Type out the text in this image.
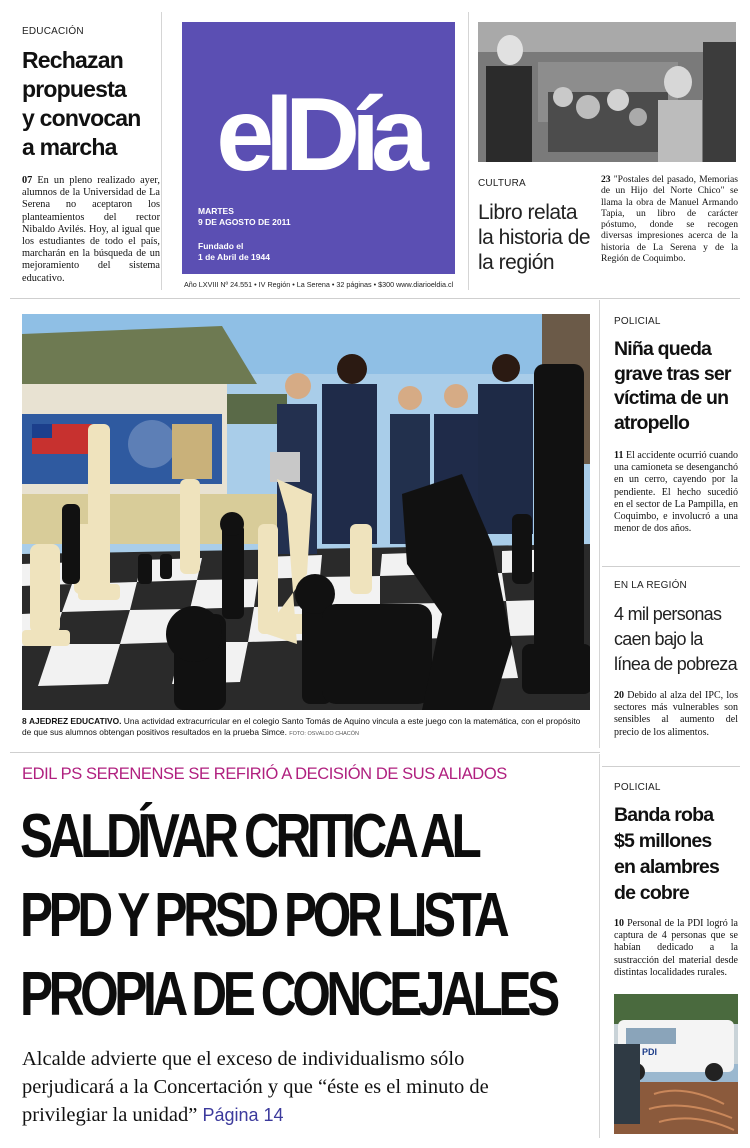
EDUCACIÓN
Rechazan
propuesta
y convocan
a marcha
07 En un pleno realizado ayer, alumnos de la Universidad de La Serena no aceptaron los planteamientos del rector Nibaldo Avilés. Hoy, al igual que los estudiantes de todo el país, marcharán en la búsqueda de un mejoramiento del sistema educativo.
elDía
MARTES
9 DE AGOSTO DE 2011
Fundado el
1 de Abril de 1944
Año LXVIII Nº 24.551 • IV Región • La Serena • 32 páginas • $300 www.diarioeldia.cl
CULTURA
Libro relata
la historia de
la región
23 "Postales del pasado, Memorias de un Hijo del Norte Chico" se llama la obra de Manuel Armando Tapia, un libro de carácter póstumo, donde se recogen diversas impresiones acerca de la historia de La Serena y de la Región de Coquimbo.
8 AJEDREZ EDUCATIVO. Una actividad extracurricular en el colegio Santo Tomás de Aquino vincula a este juego con la matemática, con el propósito de que sus alumnos obtengan positivos resultados en la prueba Simce. FOTO: OSVALDO CHACÓN
EDIL PS SERENENSE SE REFIRIÓ A DECISIÓN DE SUS ALIADOS
SALDÍVAR CRITICA AL
PPD Y PRSD POR LISTA
PROPIA DE CONCEJALES
Alcalde advierte que el exceso de individualismo sólo
perjudicará a la Concertación y que “éste es el minuto de
privilegiar la unidad” Página 14
POLICIAL
Niña queda
grave tras ser
víctima de un
atropello
11 El accidente ocurrió cuando una camioneta se desenganchó en un cerro, cayendo por la pendiente. El hecho sucedió en el sector de La Pampilla, en Coquimbo, e involucró a una menor de dos años.
EN LA REGIÓN
4 mil personas
caen bajo la
línea de pobreza
20 Debido al alza del IPC, los sectores más vulnerables son sensibles al aumento del precio de los alimentos.
POLICIAL
Banda roba
$5 millones
en alambres
de cobre
10 Personal de la PDI logró la captura de 4 personas que se habían dedicado a la sustracción del material desde distintas localidades rurales.
PDI
